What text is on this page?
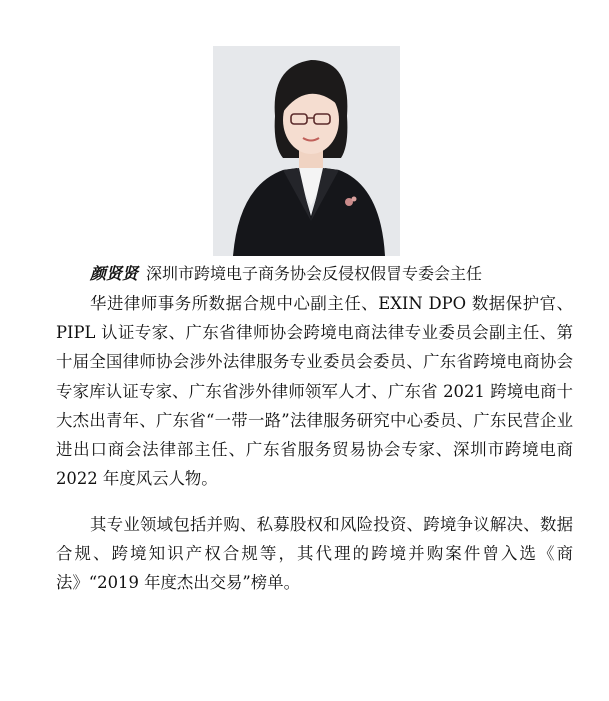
颜贤贤 深圳市跨境电子商务协会反侵权假冒专委会主任

华进律师事务所数据合规中心副主任、EXIN DPO 数据保护官、PIPL 认证专家、广东省律师协会跨境电商法律专业委员会副主任、第十届全国律师协会涉外法律服务专业委员会委员、广东省跨境电商协会专家库认证专家、广东省涉外律师领军人才、广东省 2021 跨境电商十大杰出青年、广东省“一带一路”法律服务研究中心委员、广东民营企业进出口商会法律部主任、广东省服务贸易协会专家、深圳市跨境电商 2022 年度风云人物。

其专业领域包括并购、私募股权和风险投资、跨境争议解决、数据合规、跨境知识产权合规等，其代理的跨境并购案件曾入选《商法》“2019 年度杰出交易”榜单。
